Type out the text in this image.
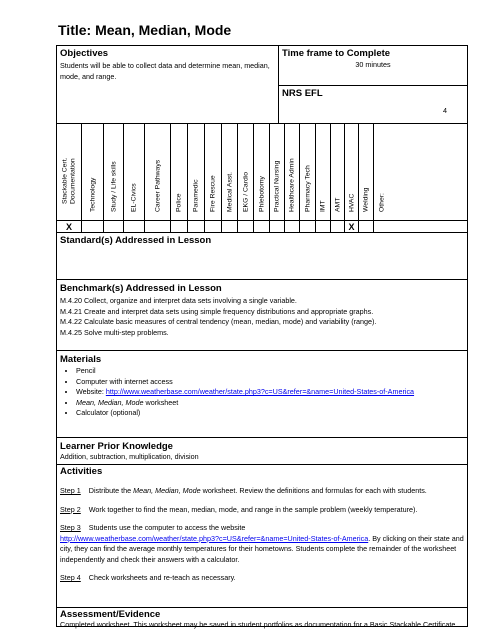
Title: Mean, Median, Mode
Objectives
Students will be able to collect data and determine mean, median, mode, and range.
Time frame to Complete
30 minutes
NRS EFL
4
Stackable Cert.
Documentation Technology Study / Life skills EL-Civics Career Pathways Police Paramedic Fire Rescue Medical Asst. EKG / Cardio Phlebotomy Practical Nursing Healthcare Admin Pharmacy Tech IMT AMT HVAC Welding Other:
X	X
Standard(s) Addressed in Lesson
Benchmark(s) Addressed in Lesson
M.4.20 Collect, organize and interpret data sets involving a single variable.
M.4.21 Create and interpret data sets using simple frequency distributions and appropriate graphs.
M.4.22 Calculate basic measures of central tendency (mean, median, mode) and variability (range).
M.4.25 Solve multi-step problems.
Materials
• Pencil
• Computer with internet access
• Website: http://www.weatherbase.com/weather/state.php3?c=US&refer=&name=United-States-of-America
• Mean, Median, Mode worksheet
• Calculator (optional)
Learner Prior Knowledge
Addition, subtraction, multiplication, division
Activities

Step 1    Distribute the Mean, Median, Mode worksheet. Review the definitions and formulas for each with students.

Step 2    Work together to find the mean, median, mode, and range in the sample problem (weekly temperature).

Step 3    Students use the computer to access the website
http://www.weatherbase.com/weather/state.php3?c=US&refer=&name=United-States-of-America. By clicking on their state and city, they can find the average monthly temperatures for their hometowns. Students complete the remainder of the worksheet independently and check their answers with a calculator.

Step 4    Check worksheets and re-teach as necessary.

Assessment/Evidence
Completed worksheet. This worksheet may be saved in student portfolios as documentation for a Basic Stackable Certificate.
